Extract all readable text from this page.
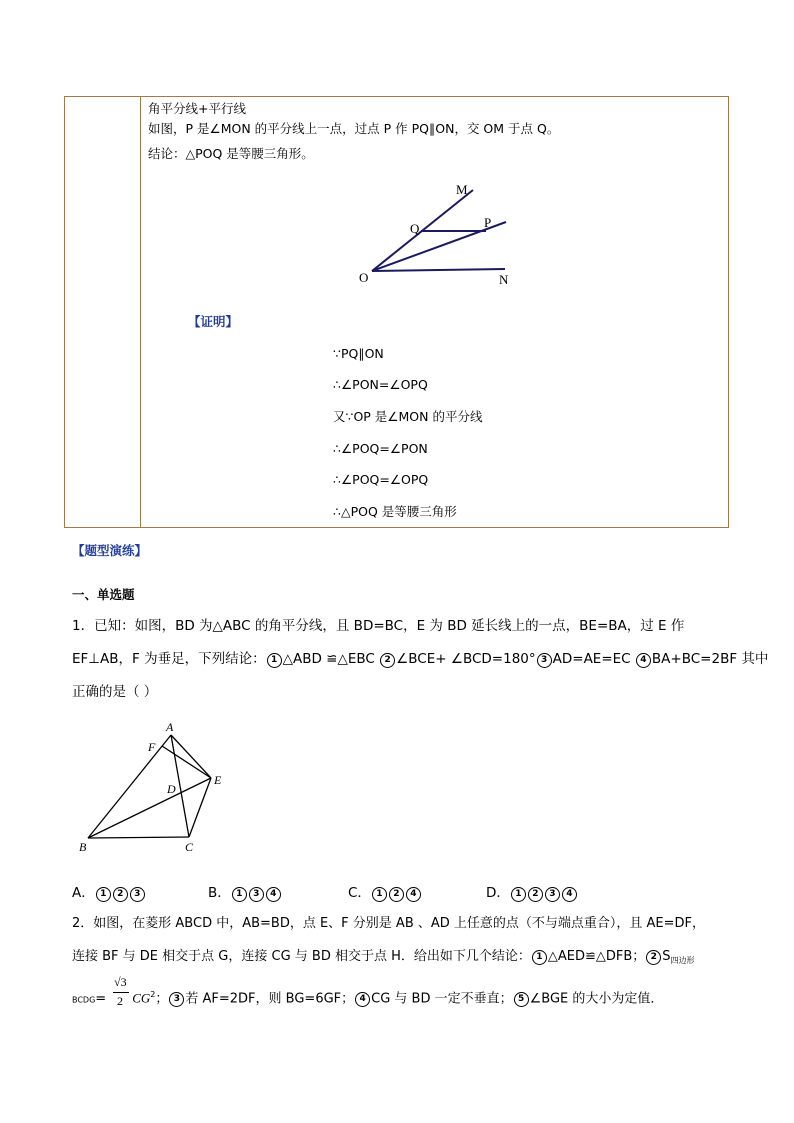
角平分线+平行线
如图，P 是∠MON 的平分线上一点，过点 P 作 PQ∥ON，交 OM 于点 Q。
结论：△POQ 是等腰三角形。
M
P
Q
O	N
【证明】
∵PQ∥ON
∴∠PON=∠OPQ
又∵OP 是∠MON 的平分线
∴∠POQ=∠PON
∴∠POQ=∠OPQ
∴△POQ 是等腰三角形
【题型演练】
一、单选题
1．已知：如图，BD 为△ABC 的角平分线，且 BD=BC，E 为 BD 延长线上的一点，BE=BA，过 E 作
EF⊥AB，F 为垂足，下列结论： 1 △ABD ≌△EBC 2 ∠BCE+ ∠BCD=180° 3 AD=AE=EC 4 BA+BC=2BF 其中
正确的是（ ）
A
F
E
D
B	C
A． 1 2 3	B． 1 3 4	C． 1 2 4	D． 1 2 3 4
2．如图，在菱形 ABCD 中，AB=BD，点 E、F 分别是 AB 、AD 上任意的点（不与端点重合），且 AE=DF，
连接 BF 与 DE 相交于点 G，连接 CG 与 BD 相交于点 H．给出如下几个结论： 1 △AED≌△DFB； 2 $S_{四边形}$
BCDG= $CG^2$； 3 若 AF=2DF，则 BG=6GF； 4 CG 与 BD 一定不垂直； 5 ∠BGE 的大小为定值．
√3
2
